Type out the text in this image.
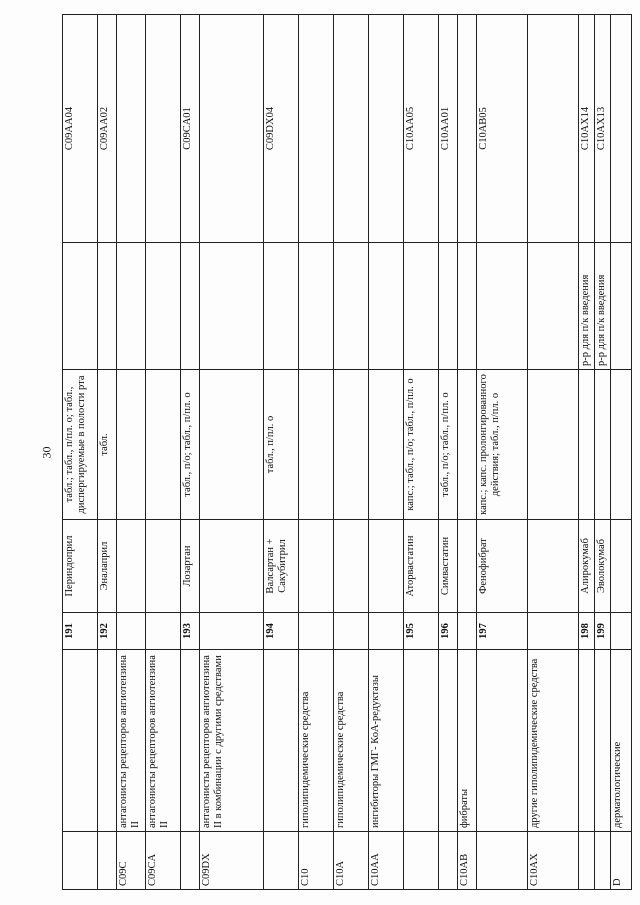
30
		191	Периндоприл	табл.; табл., п/пл. о; табл., диспергируемые в полости рта		C09AA04
		192	Эналаприл	табл.		C09AA02
C09C	антагонисты рецепторов ангиотензина II					
C09CA	антагонисты рецепторов ангиотензина II					
		193	Лозартан	табл., п/о; табл., п/пл. о		C09CA01
C09DX	антагонисты рецепторов ангиотензина II в комбинации с другими средствами					
		194	Валсартан + Сакубитрил	табл., п/пл. о		C09DX04
C10	гиполипидемические средства					
C10A	гиполипидемические средства					
C10AA	ингибиторы ГМГ- КоА-редуктазы					
		195	Аторвастатин	капс.; табл., п/о; табл., п/пл. о		C10AA05
		196	Симвастатин	табл., п/о; табл., п/пл. о		C10AA01
C10AB	фибраты					
		197	Фенофибрат	капс.; капс. пролонгированного действия; табл., п/пл. о		C10AB05
C10AX	другие гиполипидемические средства					
		198	Алирокумаб		р-р для п/к введения	C10AX14
		199	Эволокумаб		р-р для п/к введения	C10AX13
D	дерматологические					
